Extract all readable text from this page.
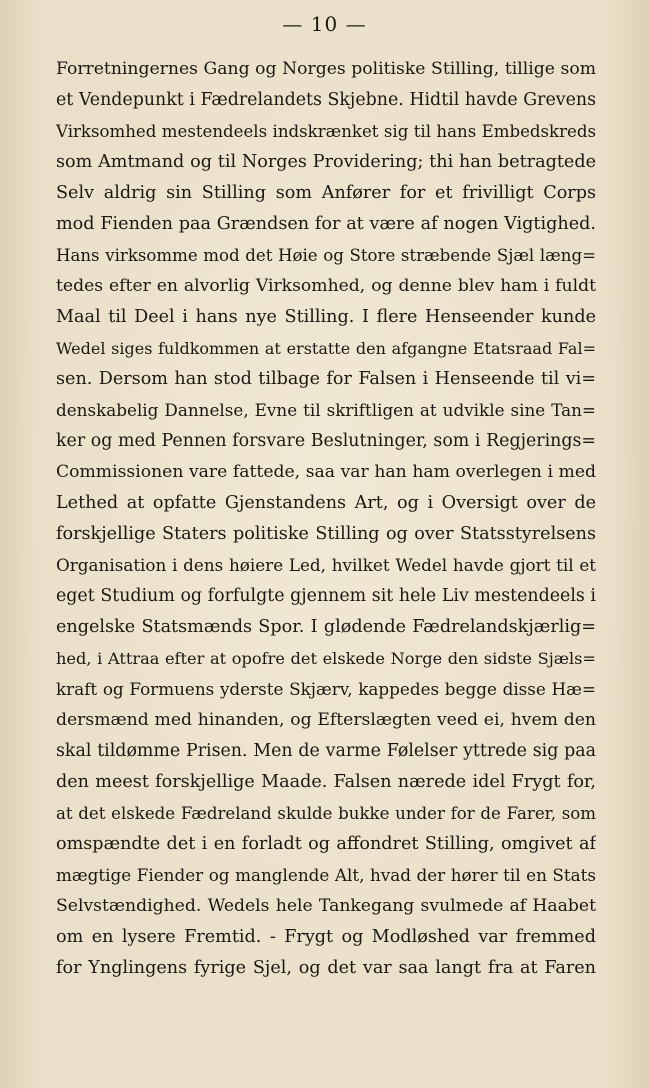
— 10 —
Forretningernes Gang og Norges politiske Stilling, tillige som
et Vendepunkt i Fædrelandets Skjebne. Hidtil havde Grevens
Virksomhed mestendeels indskrænket sig til hans Embedskreds
som Amtmand og til Norges Providering; thi han betragtede
Selv aldrig sin Stilling som Anfører for et frivilligt Corps
mod Fienden paa Grændsen for at være af nogen Vigtighed.
Hans virksomme mod det Høie og Store stræbende Sjæl læng=
tedes efter en alvorlig Virksomhed, og denne blev ham i fuldt
Maal til Deel i hans nye Stilling. I flere Henseender kunde
Wedel siges fuldkommen at erstatte den afgangne Etatsraad Fal=
sen. Dersom han stod tilbage for Falsen i Henseende til vi=
denskabelig Dannelse, Evne til skriftligen at udvikle sine Tan=
ker og med Pennen forsvare Beslutninger, som i Regjerings=
Commissionen vare fattede, saa var han ham overlegen i med
Lethed at opfatte Gjenstandens Art, og i Oversigt over de
forskjellige Staters politiske Stilling og over Statsstyrelsens
Organisation i dens høiere Led, hvilket Wedel havde gjort til et
eget Studium og forfulgte gjennem sit hele Liv mestendeels i
engelske Statsmænds Spor. I glødende Fædrelandskjærlig=
hed, i Attraa efter at opofre det elskede Norge den sidste Sjæls=
kraft og Formuens yderste Skjærv, kappedes begge disse Hæ=
dersmænd med hinanden, og Efterslægten veed ei, hvem den
skal tildømme Prisen. Men de varme Følelser yttrede sig paa
den meest forskjellige Maade. Falsen nærede idel Frygt for,
at det elskede Fædreland skulde bukke under for de Farer, som
omspændte det i en forladt og affondret Stilling, omgivet af
mægtige Fiender og manglende Alt, hvad der hører til en Stats
Selvstændighed. Wedels hele Tankegang svulmede af Haabet
om en lysere Fremtid. - Frygt og Modløshed var fremmed
for Ynglingens fyrige Sjel, og det var saa langt fra at Faren
